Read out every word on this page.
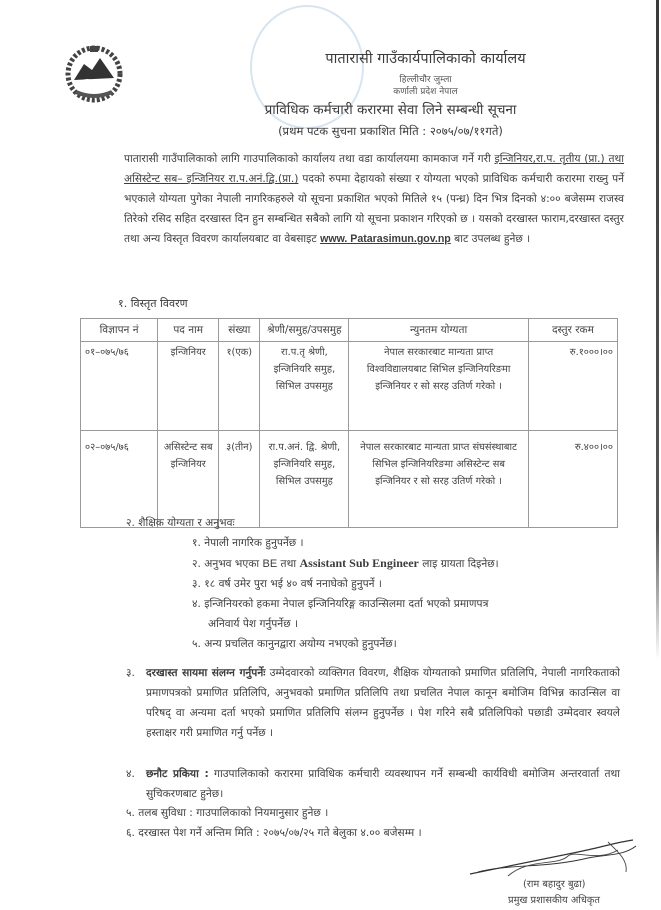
पातारासी गाउँकार्यपालिकाको कार्यालय
हिल्लीचौर जुम्ला
कर्णाली प्रदेश नेपाल
प्राविधिक कर्मचारी करारमा सेवा लिने सम्बन्धी सूचना
(प्रथम पटक सुचना प्रकाशित मिति : २०७५/०७/११गते)
पातारासी गाउँपालिकाको लागि गाउपालिकाको कार्यालय तथा वडा कार्यालयमा कामकाज गर्ने गरी इन्जिनियर,रा.प. तृतीय (प्रा.) तथा असिस्टेन्ट सब– इन्जिनियर रा.प.अनं.द्वि.(प्रा.) पदको रुपमा देहायको संख्या र योग्यता भएको प्राविधिक कर्मचारी करारमा राख्नु पर्ने भएकाले योग्यता पुगेका नेपाली नागरिकहरुले यो सूचना प्रकाशित भएको मितिले १५ (पन्ध्र) दिन भित्र दिनको ४:०० बजेसम्म राजस्व तिरेको रसिद सहित दरखास्त दिन हुन सम्बन्धित सबैको लागि यो सूचना प्रकाशन गरिएको छ । यसको दरखास्त फाराम,दरखास्त दस्तुर तथा अन्य विस्तृत विवरण कार्यालयबाट वा वेबसाइट www. Patarasimun.gov.np बाट उपलब्ध हुनेछ ।
१. विस्तृत विवरण
विज्ञापन नं	पद नाम	संख्या	श्रेणी/समुह/उपसमुह	न्युनतम योग्यता	दस्तुर रकम
०१–०७५/७६	इन्जिनियर	१(एक)	रा.प.तृ श्रेणी, इन्जिनियरि समुह, सिभिल उपसमुह	नेपाल सरकारबाट मान्यता प्राप्त विश्वविद्यालयबाट सिभिल इन्जिनियरिङमा इन्जिनियर र सो सरह उतिर्ण गरेको ।	रु.१०००।००
०२–०७५/७६	असिस्टेन्ट सब इन्जिनियर	३(तीन)	रा.प.अनं. द्वि. श्रेणी, इन्जिनियरि समुह, सिभिल उपसमुह	नेपाल सरकारबाट मान्यता प्राप्त संघसंस्थाबाट सिभिल इन्जिनियरिङमा असिस्टेन्ट सब इन्जिनियर र सो सरह उतिर्ण गरेको ।	रु.४००।००
२. शैक्षिक योग्यता र अनुभवः
१. नेपाली नागरिक हुनुपर्नेछ ।
२. अनुभव भएका BE तथा Assistant Sub Engineer लाइ ग्रायता दिइनेछ।
३. १८ वर्ष उमेर पुरा भई ४० वर्ष ननाघेको हुनुपर्ने ।
४. इन्जिनियरको हकमा नेपाल इन्जिनियरिङ्ग काउन्सिलमा दर्ता भएको प्रमाणपत्र
अनिवार्य पेश गर्नुपर्नेछ ।
५. अन्य प्रचलित कानुनद्वारा अयोग्य नभएको हुनुपर्नेछ।
३.	दरखास्त सायमा संलग्न गर्नुपर्नेः उम्मेदवारको व्यक्तिगत विवरण, शैक्षिक योग्यताको प्रमाणित प्रतिलिपि, नेपाली नागरिकताको प्रमाणपत्रको प्रमाणित प्रतिलिपि, अनुभवको प्रमाणित प्रतिलिपि तथा प्रचलित नेपाल कानून बमोजिम विभिन्न काउन्सिल वा परिषद् वा अन्यमा दर्ता भएको प्रमाणित प्रतिलिपि संलग्न हुनुपर्नेछ । पेश गरिने सबै प्रतिलिपिको पछाडी उम्मेदवार स्वयले हस्ताक्षर गरी प्रमाणित गर्नु पर्नेछ ।
४.	छनौट प्रकिया : गाउपालिकाको करारमा प्राविधिक कर्मचारी व्यवस्थापन गर्ने सम्बन्धी कार्यविधी बमोजिम अन्तरवार्ता तथा सुचिकरणबाट हुनेछ।
५. तलब सुविधा : गाउपालिकाको नियमानुसार हुनेछ ।
६. दरखास्त पेश गर्ने अन्तिम मिति : २०७५/०७/२५ गते बेलुका ४.०० बजेसम्म ।
(राम बहादुर बुढा)
प्रमुख प्रशासकीय अधिकृत
